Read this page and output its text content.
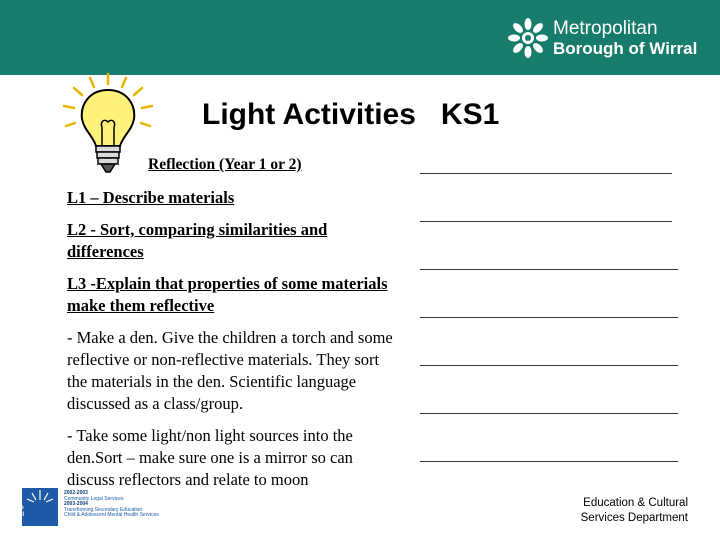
Metropolitan
Borough of Wirral
Light Activities   KS1
Reflection (Year 1 or 2)
L1 – Describe materials
L2 - Sort, comparing similarities and differences
L3 -Explain that properties of some materials make them reflective
- Make a den. Give the children a torch and some reflective or non-reflective materials. They sort the materials in the den. Scientific language discussed as a class/group.
- Take some light/non light sources into the den.Sort – make sure one is a mirror so can discuss reflectors and relate to moon
Beacon
Council
2002-2003
Community Legal Services
2003-2004
Transforming Secondary Education
Child & Adolescent Mental Health Services
Education & Cultural
Services Department
